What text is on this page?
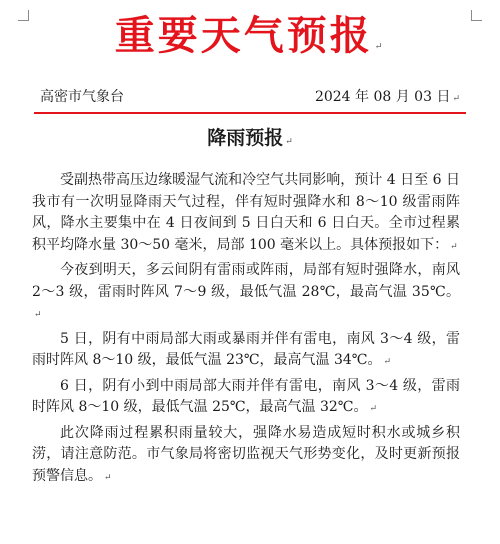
重要天气预报 ↵
高密市气象台	2024 年 08 月 03 日 ↵
降雨预报 ↵

受副热带高压边缘暖湿气流和冷空气共同影响，预计 4 日至 6 日我市有一次明显降雨天气过程，伴有短时强降水和 8～10 级雷雨阵风，降水主要集中在 4 日夜间到 5 日白天和 6 日白天。全市过程累积平均降水量 30～50 毫米，局部 100 毫米以上。具体预报如下： ↵

今夜到明天，多云间阴有雷雨或阵雨，局部有短时强降水，南风 2～3 级，雷雨时阵风 7～9 级，最低气温 28℃，最高气温 35℃。↵

5 日，阴有中雨局部大雨或暴雨并伴有雷电，南风 3～4 级，雷雨时阵风 8～10 级，最低气温 23℃，最高气温 34℃。 ↵

6 日，阴有小到中雨局部大雨并伴有雷电，南风 3～4 级，雷雨时阵风 8～10 级，最低气温 25℃，最高气温 32℃。 ↵

此次降雨过程累积雨量较大，强降水易造成短时积水或城乡积涝，请注意防范。市气象局将密切监视天气形势变化，及时更新预报预警信息。 ↵
